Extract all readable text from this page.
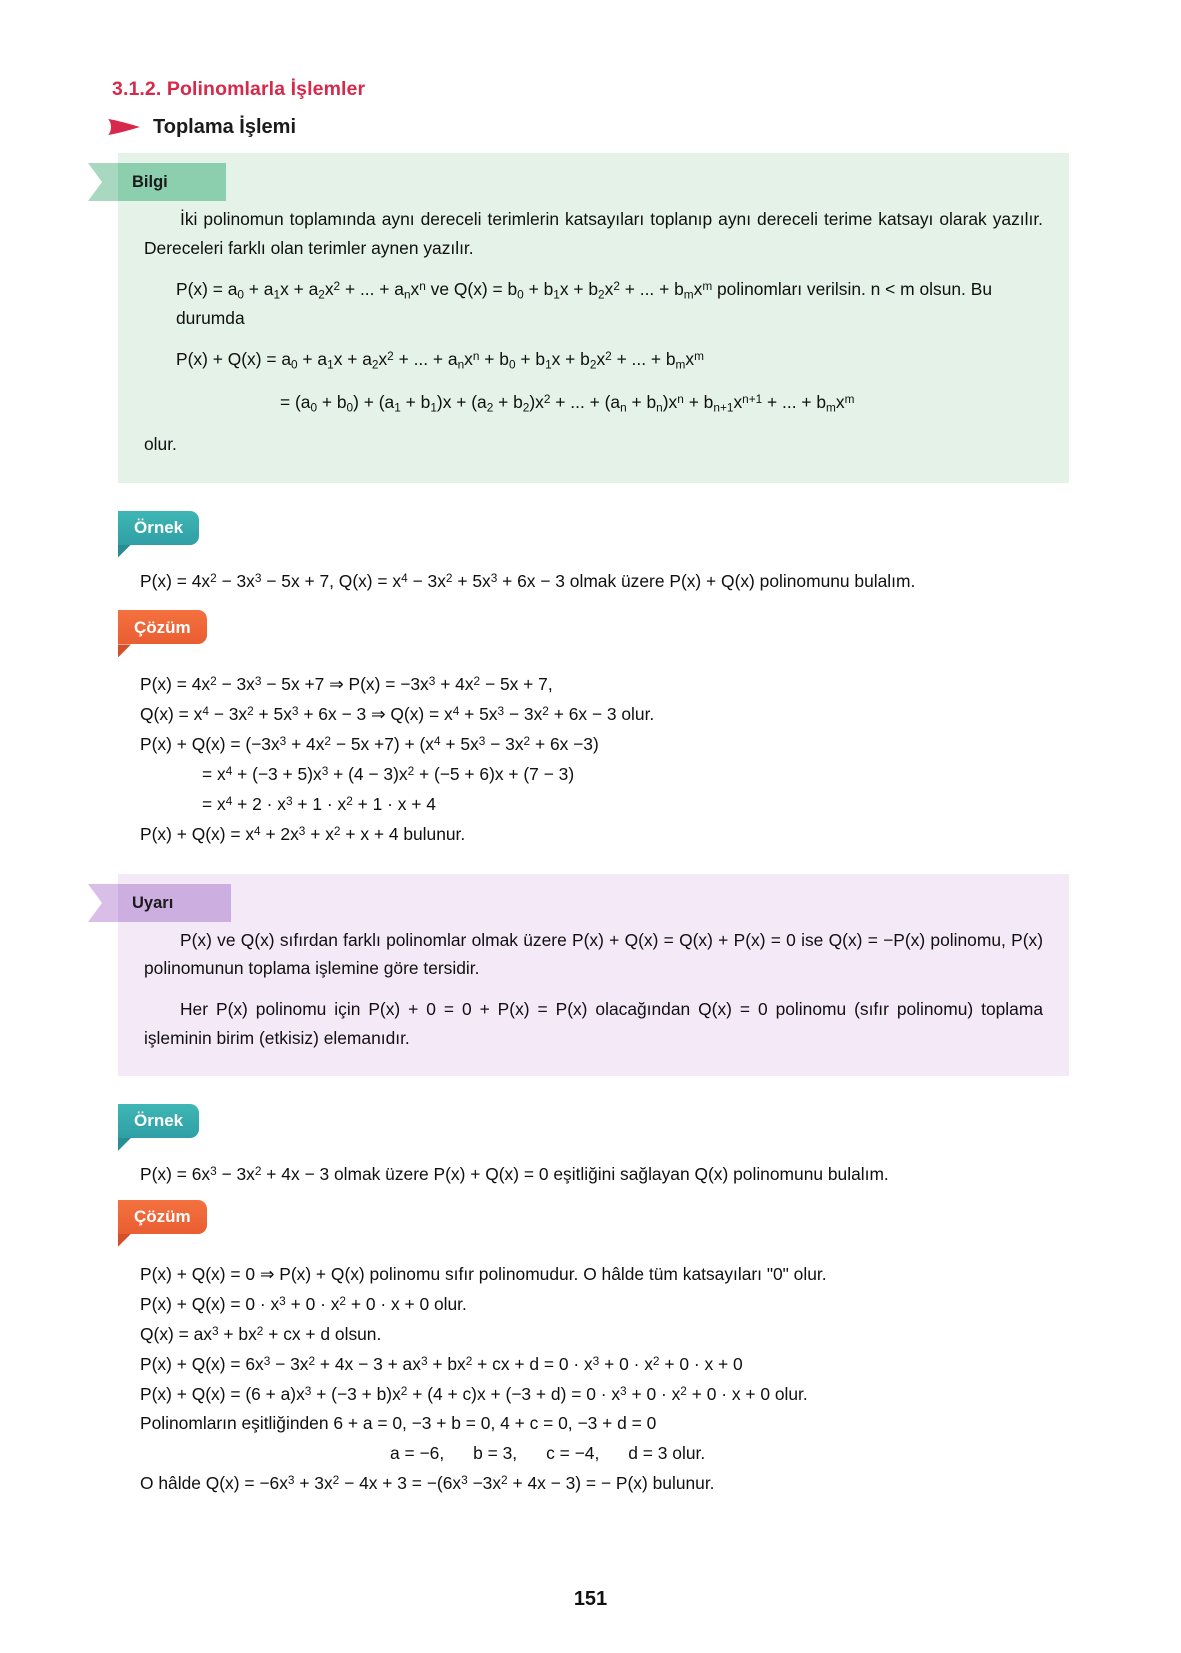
3.1.2. Polinomlarla İşlemler
Toplama İşlemi
Bilgi

İki polinomun toplamında aynı dereceli terimlerin katsayıları toplanıp aynı dereceli terime katsayı olarak yazılır. Dereceleri farklı olan terimler aynen yazılır.

$P(x) = a_0 + a_1x + a_2x^2$ + ... + $a_nx^n$ ve $Q(x) = b_0 + b_1x + b_2x^2$ + ... + $b_mx^m$ polinomları verilsin. n < m olsun. Bu durumda

$P(x) + Q(x) = a_0 + a_1x + a_2x^2$ + ... + $a_nx^n + b_0 + b_1x + b_2x^2$ + ... + $b_mx^m$

= $(a_0 + b_0) + (a_1 + b_1)x + (a_2 + b_2)x^2$ + ... + $(a_n + b_n)x^n + b_{n+1}x^{n+1}$ + ... + $b_mx^m$

olur.

Örnek
$P(x) = 4x^2 - 3x^3 - 5x + 7$, $Q(x) = x^4 - 3x^2 + 5x^3 + 6x - 3$ olmak üzere P(x) + Q(x) polinomunu bulalım.
Çözüm
$P(x) = 4x^2 - 3x^3 - 5x +7$ ⇒ $P(x) = -3x^3 + 4x^2 - 5x + 7$,
$Q(x) = x^4 - 3x^2 + 5x^3 + 6x - 3$ ⇒ $Q(x) = x^4 + 5x^3 - 3x^2 + 6x - 3$ olur.
$P(x) + Q(x) = (-3x^3 + 4x^2 - 5x +7) + (x^4 + 5x^3 - 3x^2 + 6x -3)$
= $x^4 + (-3 + 5)x^3 + (4 - 3)x^2 + (-5 + 6)x + (7 - 3)$
= $x^4 + 2 \cdot x^3 + 1 \cdot x^2 + 1 \cdot x + 4$
$P(x) + Q(x) = x^4 + 2x^3 + x^2 + x + 4$ bulunur.
Uyarı

P(x) ve Q(x) sıfırdan farklı polinomlar olmak üzere P(x) + Q(x) = Q(x) + P(x) = 0 ise Q(x) = −P(x) polinomu, P(x) polinomunun toplama işlemine göre tersidir.

Her P(x) polinomu için P(x) + 0 = 0 + P(x) = P(x) olacağından Q(x) = 0 polinomu (sıfır polinomu) toplama işleminin birim (etkisiz) elemanıdır.

Örnek
$P(x) = 6x^3 - 3x^2 + 4x - 3$ olmak üzere P(x) + Q(x) = 0 eşitliğini sağlayan Q(x) polinomunu bulalım.
Çözüm
P(x) + Q(x) = 0 ⇒ P(x) + Q(x) polinomu sıfır polinomudur. O hâlde tüm katsayıları "0" olur.
$P(x) + Q(x) = 0 \cdot x^3 + 0 \cdot x^2 + 0 \cdot x + 0$ olur.
$Q(x) = ax^3 + bx^2$ + cx + d olsun.
$P(x) + Q(x) = 6x^3 - 3x^2 + 4x - 3 + ax^3 + bx^2$ + cx + $d = 0 \cdot x^3 + 0 \cdot x^2 + 0 \cdot x + 0$
$P(x) + Q(x) = (6 + a)x^3 + (-3 + b)x^2 + (4 + c)x + (-3 + d) = 0 \cdot x^3 + 0 \cdot x^2 + 0 \cdot x + 0$ olur.
Polinomların eşitliğinden 6 + a = 0, −3 + b = 0, 4 + c = 0, −3 + d = 0
a = −6,      b = 3,      c = −4,      d = 3 olur.
O hâlde $Q(x) = -6x^3 + 3x^2 - 4x + 3 = -(6x^3 -3x^2 + 4x - 3)$ = − P(x) bulunur.
151
